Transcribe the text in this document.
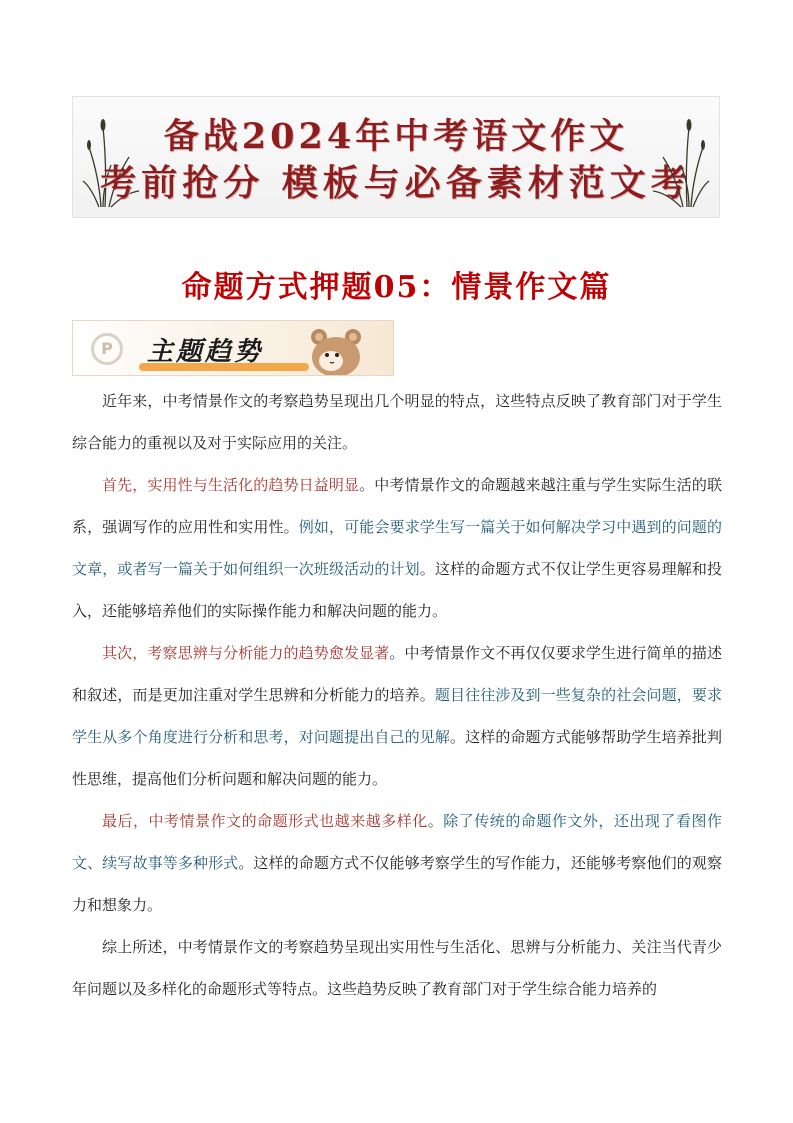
备战2024年中考语文作文
考前抢分 模板与必备素材范文考
命题方式押题05：情景作文篇
P	主题趋势

近年来，中考情景作文的考察趋势呈现出几个明显的特点，这些特点反映了教育部门对于学生综合能力的重视以及对于实际应用的关注。

首先，实用性与生活化的趋势日益明显。中考情景作文的命题越来越注重与学生实际生活的联系，强调写作的应用性和实用性。例如，可能会要求学生写一篇关于如何解决学习中遇到的问题的文章，或者写一篇关于如何组织一次班级活动的计划。这样的命题方式不仅让学生更容易理解和投入，还能够培养他们的实际操作能力和解决问题的能力。

其次，考察思辨与分析能力的趋势愈发显著。中考情景作文不再仅仅要求学生进行简单的描述和叙述，而是更加注重对学生思辨和分析能力的培养。题目往往涉及到一些复杂的社会问题，要求学生从多个角度进行分析和思考，对问题提出自己的见解。这样的命题方式能够帮助学生培养批判性思维，提高他们分析问题和解决问题的能力。

最后，中考情景作文的命题形式也越来越多样化。除了传统的命题作文外，还出现了看图作文、续写故事等多种形式。这样的命题方式不仅能够考察学生的写作能力，还能够考察他们的观察力和想象力。

综上所述，中考情景作文的考察趋势呈现出实用性与生活化、思辨与分析能力、关注当代青少年问题以及多样化的命题形式等特点。这些趋势反映了教育部门对于学生综合能力培养的
